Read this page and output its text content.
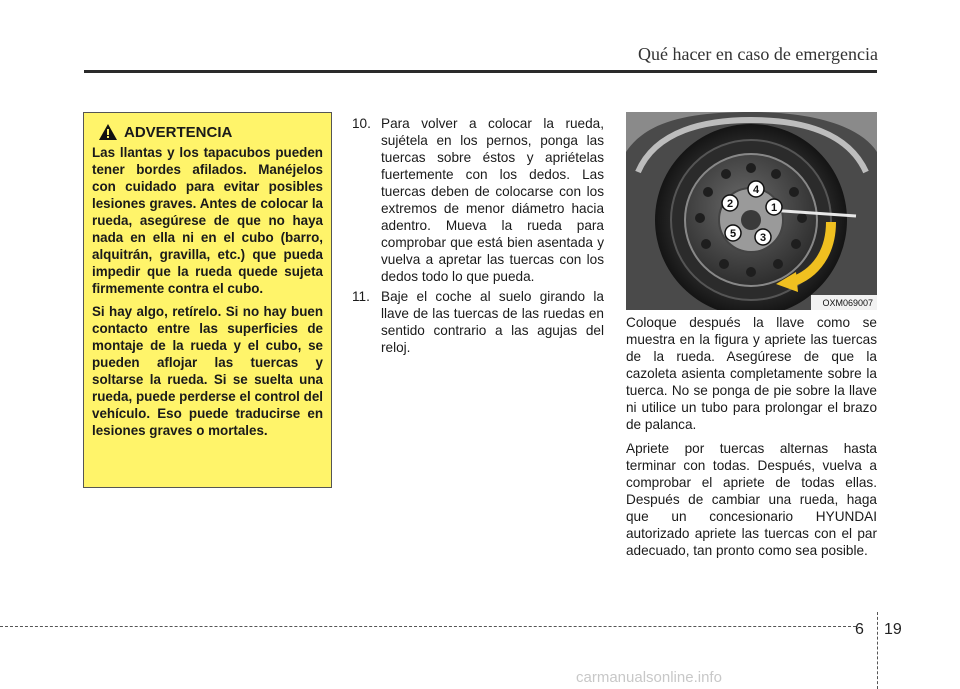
Qué hacer en caso de emergencia
ADVERTENCIA

Las llantas y los tapacubos pueden tener bordes afilados. Manéjelos con cuidado para evitar posibles lesiones graves. Antes de colocar la rueda, asegúrese de que no haya nada en ella ni en el cubo (barro, alquitrán, gravilla, etc.) que pueda impedir que la rueda quede sujeta firmemente contra el cubo.

Si hay algo, retírelo. Si no hay buen contacto entre las superficies de montaje de la rueda y el cubo, se pueden aflojar las tuercas y soltarse la rueda. Si se suelta una rueda, puede perderse el control del vehículo. Eso puede traducirse en lesiones graves o mortales.

10. Para volver a colocar la rueda, sujétela en los pernos, ponga las tuercas sobre éstos y apriételas fuertemente con los dedos. Las tuercas deben de colocarse con los extremos de menor diámetro hacia adentro. Mueva la rueda para comprobar que está bien asentada y vuelva a apretar las tuercas con los dedos todo lo que pueda.
11. Baje el coche al suelo girando la llave de las tuercas de las ruedas en sentido contrario a las agujas del reloj.
1
2
3
4
5
OXM069007

Coloque después la llave como se muestra en la figura y apriete las tuercas de la rueda. Asegúrese de que la cazoleta asienta completamente sobre la tuerca. No se ponga de pie sobre la llave ni utilice un tubo para prolongar el brazo de palanca.

Apriete por tuercas alternas hasta terminar con todas. Después, vuelva a comprobar el apriete de todas ellas. Después de cambiar una rueda, haga que un concesionario HYUNDAI autorizado apriete las tuercas con el par adecuado, tan pronto como sea posible.

6 19
carmanualsonline.info
